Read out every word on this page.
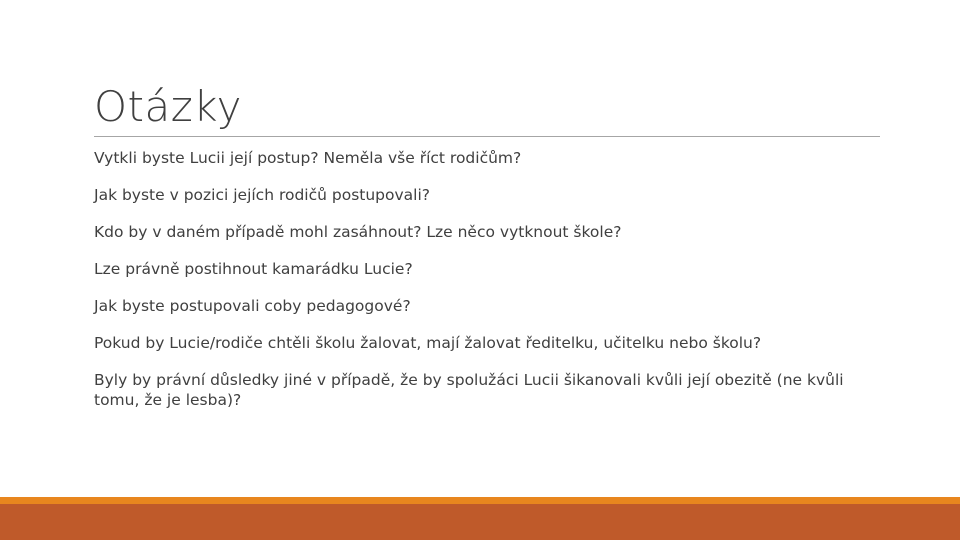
Otázky
Vytkli byste Lucii její postup? Neměla vše říct rodičům?
Jak byste v pozici jejích rodičů postupovali?
Kdo by v daném případě mohl zasáhnout? Lze něco vytknout škole?
Lze právně postihnout kamarádku Lucie?
Jak byste postupovali coby pedagogové?
Pokud by Lucie/rodiče chtěli školu žalovat, mají žalovat ředitelku, učitelku nebo školu?
Byly by právní důsledky jiné v případě, že by spolužáci Lucii šikanovali kvůli její obezitě (ne kvůli tomu, že je lesba)?
